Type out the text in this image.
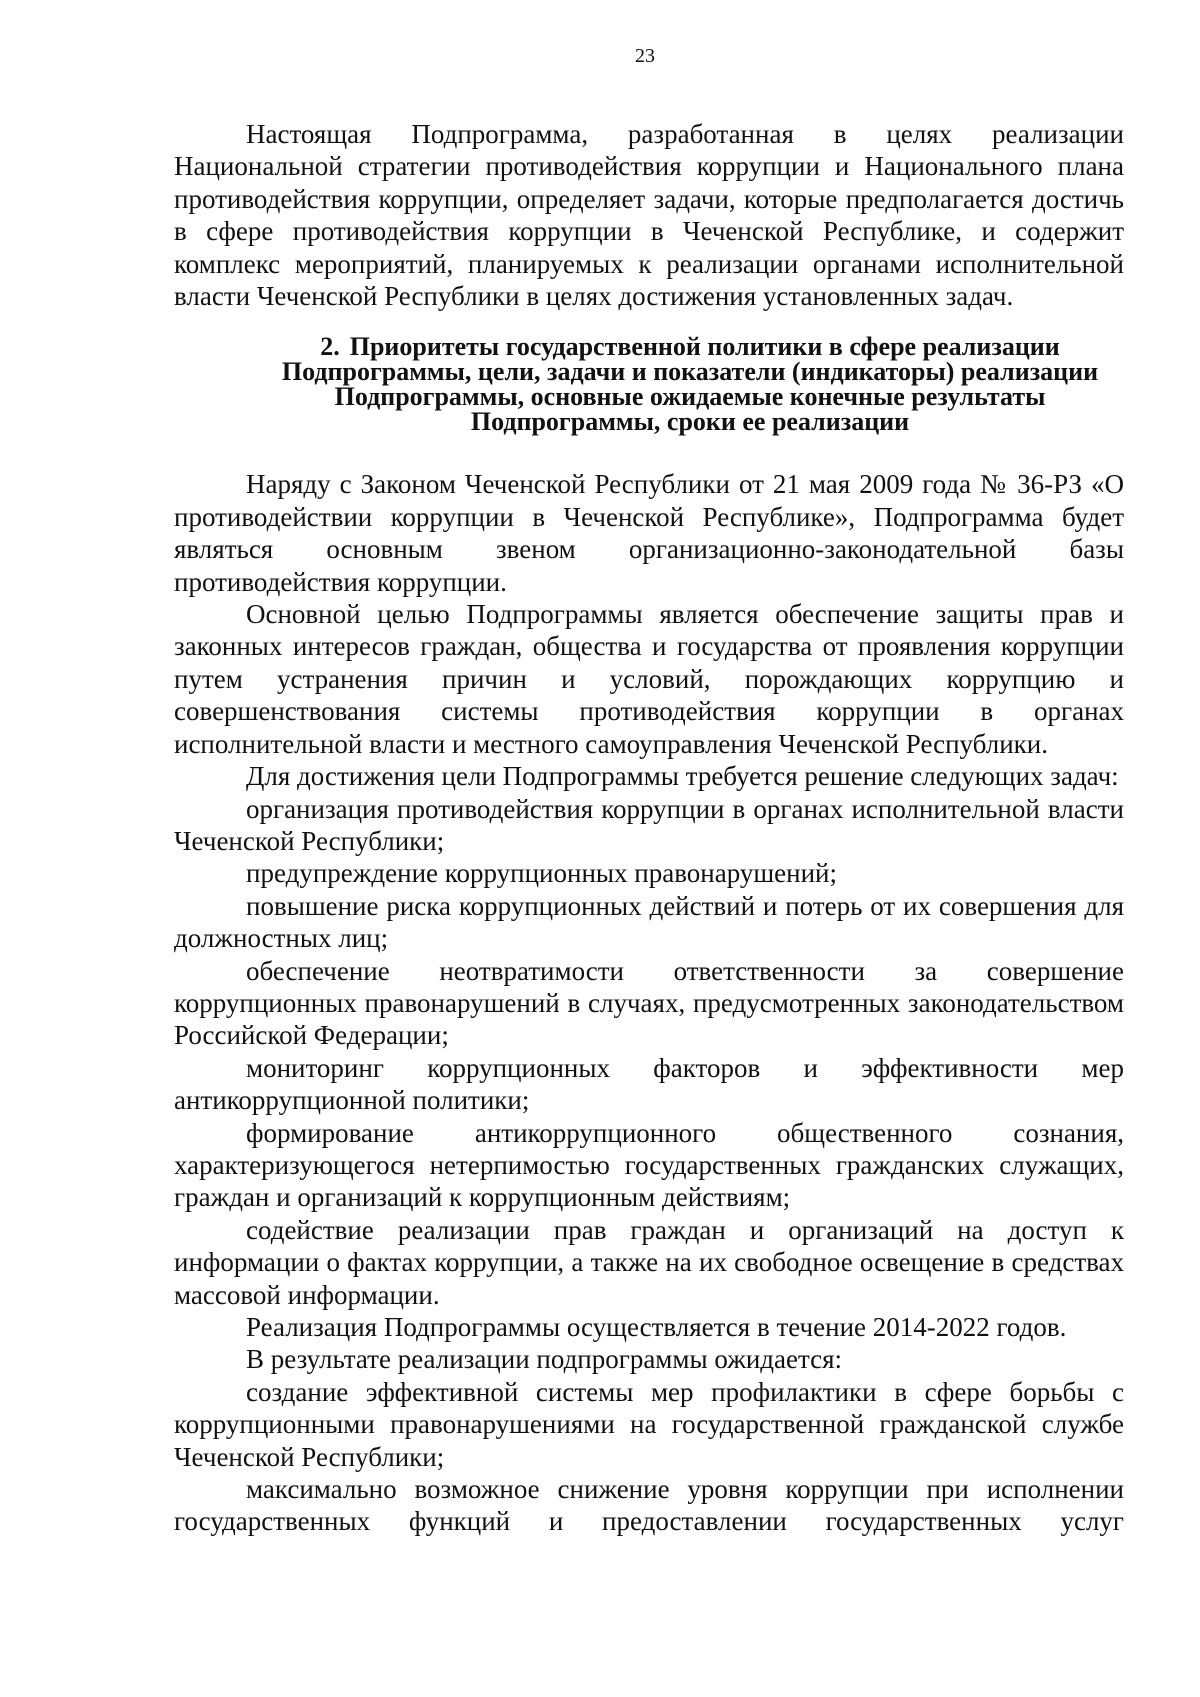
23

Настоящая Подпрограмма, разработанная в целях реализации Национальной стратегии противодействия коррупции и Национального плана противодействия коррупции, определяет задачи, которые предполагается достичь в сфере противодействия коррупции в Чеченской Республике, и содержит комплекс мероприятий, планируемых к реализации органами исполнительной власти Чеченской Республики в целях достижения установленных задач.

2. Приоритеты государственной политики в сфере реализации Подпрограммы, цели, задачи и показатели (индикаторы) реализации Подпрограммы, основные ожидаемые конечные результаты Подпрограммы, сроки ее реализации

Наряду с Законом Чеченской Республики от 21 мая 2009 года № 36-РЗ «О противодействии коррупции в Чеченской Республике», Подпрограмма будет являться основным звеном организационно-законодательной базы противодействия коррупции.

Основной целью Подпрограммы является обеспечение защиты прав и законных интересов граждан, общества и государства от проявления коррупции путем устранения причин и условий, порождающих коррупцию и совершенствования системы противодействия коррупции в органах исполнительной власти и местного самоуправления Чеченской Республики.

Для достижения цели Подпрограммы требуется решение следующих задач:

организация противодействия коррупции в органах исполнительной власти Чеченской Республики;

предупреждение коррупционных правонарушений;

повышение риска коррупционных действий и потерь от их совершения для должностных лиц;

обеспечение неотвратимости ответственности за совершение коррупционных правонарушений в случаях, предусмотренных законодательством Российской Федерации;

мониторинг коррупционных факторов и эффективности мер антикоррупционной политики;

формирование антикоррупционного общественного сознания, характеризующегося нетерпимостью государственных гражданских служащих, граждан и организаций к коррупционным действиям;

содействие реализации прав граждан и организаций на доступ к информации о фактах коррупции, а также на их свободное освещение в средствах массовой информации.

Реализация Подпрограммы осуществляется в течение 2014-2022 годов.

В результате реализации подпрограммы ожидается:

создание эффективной системы мер профилактики в сфере борьбы с коррупционными правонарушениями на государственной гражданской службе Чеченской Республики;

максимально возможное снижение уровня коррупции при исполнении государственных функций и предоставлении государственных услуг
